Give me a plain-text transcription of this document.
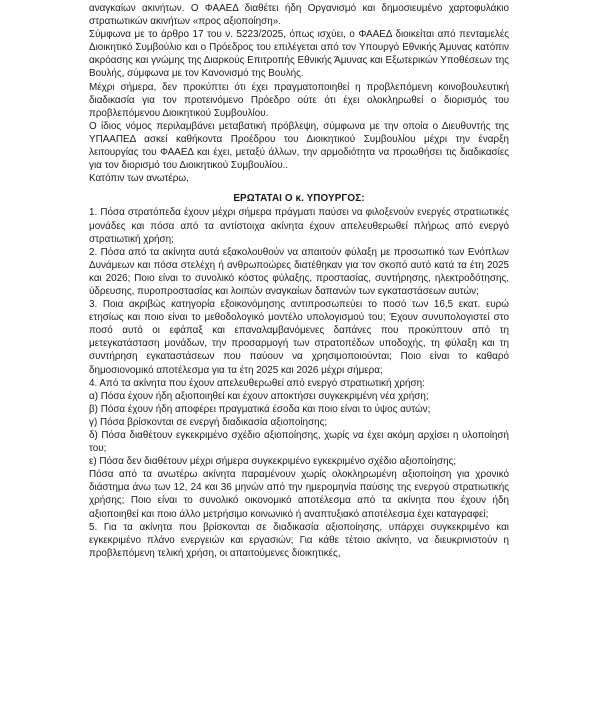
αναγκαίων ακινήτων. Ο ΦΑΑΕΔ διαθέτει ήδη Οργανισμό και δημοσιευμένο χαρτοφυλάκιο στρατιωτικών ακινήτων «προς αξιοποίηση».

Σύμφωνα με το άρθρο 17 του ν. 5223/2025, όπως ισχύει, ο ΦΑΑΕΔ διοικείται από πενταμελές Διοικητικό Συμβούλιο και ο Πρόεδρος του επιλέγεται από τον Υπουργό Εθνικής Άμυνας κατόπιν ακρόασης και γνώμης της Διαρκούς Επιτροπής Εθνικής Άμυνας και Εξωτερικών Υποθέσεων της Βουλής, σύμφωνα με τον Κανονισμό της Βουλής.

Μέχρι σήμερα, δεν προκύπτει ότι έχει πραγματοποιηθεί η προβλεπόμενη κοινοβουλευτική διαδικασία για τον προτεινόμενο Πρόεδρο ούτε ότι έχει ολοκληρωθεί ο διορισμός του προβλεπόμενου Διοικητικού Συμβουλίου.

Ο ίδιος νόμος περιλαμβάνει μεταβατική πρόβλεψη, σύμφωνα με την οποία ο Διευθυντής της ΥΠΑΑΠΕΔ ασκεί καθήκοντα Προέδρου του Διοικητικού Συμβουλίου μέχρι την έναρξη λειτουργίας του ΦΑΑΕΔ και έχει, μεταξύ άλλων, την αρμοδιότητα να προωθήσει τις διαδικασίες για τον διορισμό του Διοικητικού Συμβουλίου..

Κατόπιν των ανωτέρω,

ΕΡΩΤΑΤΑΙ Ο κ. ΥΠΟΥΡΓΟΣ:

1. Πόσα στρατόπεδα έχουν μέχρι σήμερα πράγματι παύσει να φιλοξενούν ενεργές στρατιωτικές μονάδες και πόσα από τα αντίστοιχα ακίνητα έχουν απελευθερωθεί πλήρως από ενεργό στρατιωτική χρήση;

2. Πόσα από τα ακίνητα αυτά εξακολουθούν να απαιτούν φύλαξη με προσωπικό των Ενόπλων Δυνάμεων και πόσα στελέχη ή ανθρωποώρες διατέθηκαν για τον σκοπό αυτό κατά τα έτη 2025 και 2026; Ποιο είναι το συνολικό κόστος φύλαξης, προστασίας, συντήρησης, ηλεκτροδότησης, ύδρευσης, πυροπροστασίας και λοιπών αναγκαίων δαπανών των εγκαταστάσεων αυτών;

3. Ποια ακριβώς κατηγορία εξοικονόμησης αντιπροσωπεύει το ποσό των 16,5 εκατ. ευρώ ετησίως και ποιο είναι το μεθοδολογικό μοντέλο υπολογισμού του; Έχουν συνυπολογιστεί στο ποσό αυτό οι εφάπαξ και επαναλαμβανόμενες δαπάνες που προκύπτουν από τη μετεγκατάσταση μονάδων, την προσαρμογή των στρατοπέδων υποδοχής, τη φύλαξη και τη συντήρηση εγκαταστάσεων που παύουν να χρησιμοποιούνται; Ποιο είναι το καθαρό δημοσιονομικό αποτέλεσμα για τα έτη 2025 και 2026 μέχρι σήμερα;

4. Από τα ακίνητα που έχουν απελευθερωθεί από ενεργό στρατιωτική χρήση:

α) Πόσα έχουν ήδη αξιοποιηθεί και έχουν αποκτήσει συγκεκριμένη νέα χρήση;

β) Πόσα έχουν ήδη αποφέρει πραγματικά έσοδα και ποιο είναι το ύψος αυτών;

γ) Πόσα βρίσκονται σε ενεργή διαδικασία αξιοποίησης;

δ) Πόσα διαθέτουν εγκεκριμένο σχέδιο αξιοποίησης, χωρίς να έχει ακόμη αρχίσει η υλοποίησή του;

ε) Πόσα δεν διαθέτουν μέχρι σήμερα συγκεκριμένο εγκεκριμένο σχέδιο αξιοποίησης;

Πόσα από τα ανωτέρω ακίνητα παραμένουν χωρίς ολοκληρωμένη αξιοποίηση για χρονικό διάστημα άνω των 12, 24 και 36 μηνών από την ημερομηνία παύσης της ενεργού στρατιωτικής χρήσης; Ποιο είναι το συνολικό οικονομικό αποτέλεσμα από τα ακίνητα που έχουν ήδη αξιοποιηθεί και ποιο άλλο μετρήσιμο κοινωνικό ή αναπτυξιακό αποτέλεσμα έχει καταγραφεί;

5. Για τα ακίνητα που βρίσκονται σε διαδικασία αξιοποίησης, υπάρχει συγκεκριμένο και εγκεκριμένο πλάνο ενεργειών και εργασιών; Για κάθε τέτοιο ακίνητο, να διευκρινιστούν η προβλεπόμενη τελική χρήση, οι απαιτούμενες διοικητικές,
